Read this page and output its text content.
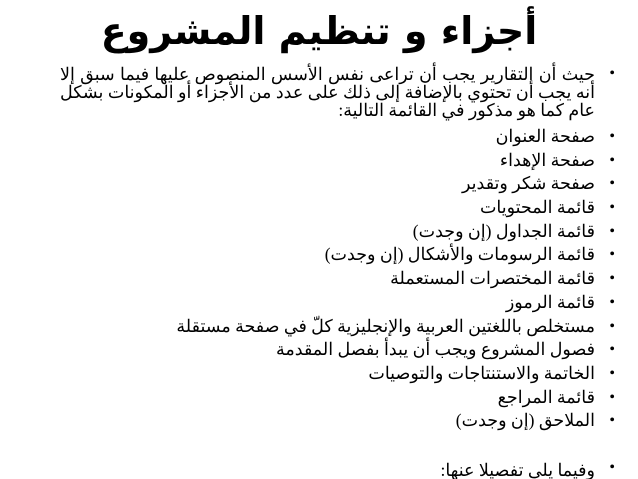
أجزاء و تنظيم المشروع
•
حيث أن التقارير يجب أن تراعى نفس الأسس المنصوص عليها فيما سبق إلا أنه يجب أن تحتوي بالإضافة إلى ذلك على عدد من الأجزاء أو المكونات بشكل عام كما هو مذكور في القائمة التالية:
•
صفحة العنوان
•
صفحة الإهداء
•
صفحة شكر وتقدير
•
قائمة المحتويات
•
قائمة الجداول (إن وجدت)
•
قائمة الرسومات والأشكال (إن وجدت)
•
قائمة المختصرات المستعملة
•
قائمة الرموز
•
مستخلص باللغتين العربية والإنجليزية كلّ في صفحة مستقلة
•
فصول المشروع ويجب أن يبدأ بفصل المقدمة
•
الخاتمة والاستنتاجات والتوصيات
•
قائمة المراجع
•
الملاحق (إن وجدت)
•
وفيما يلي تفصيلا عنها:
